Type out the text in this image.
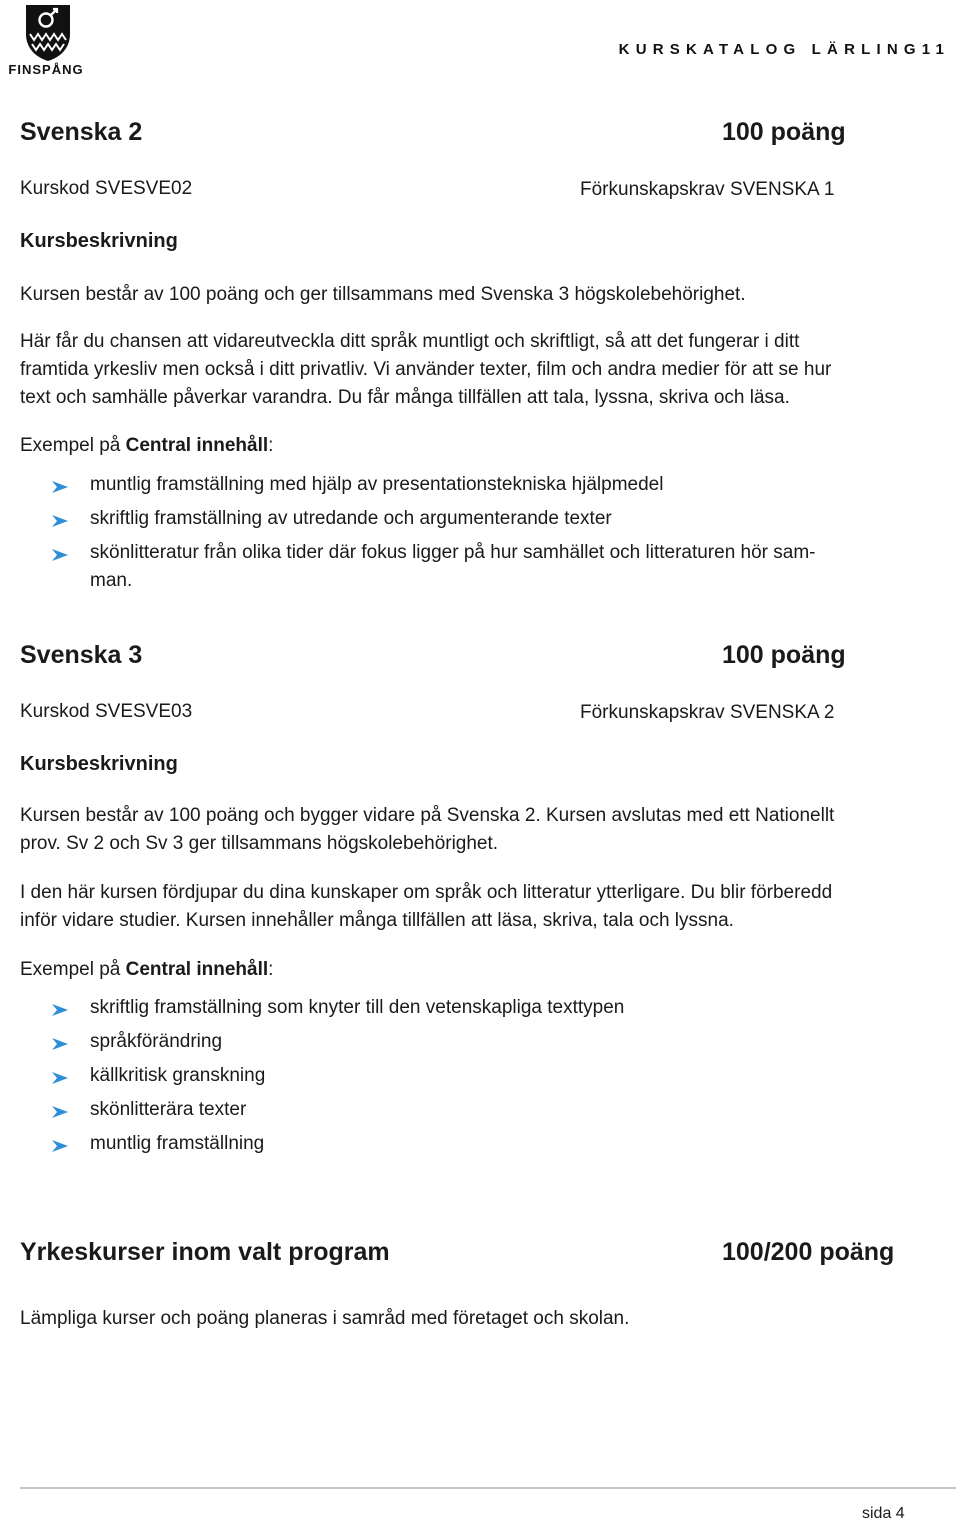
FINSPÅNG
KURSKATALOG LÄRLING11
Svenska 2	100 poäng
Kurskod SVESVE02	Förkunskapskrav SVENSKA 1
Kursbeskrivning
Kursen består av 100 poäng och ger tillsammans med Svenska 3 högskolebehörighet.
Här får du chansen att vidareutveckla ditt språk muntligt och skriftligt, så att det fungerar i ditt
framtida yrkesliv men också i ditt privatliv. Vi använder texter, film och andra medier för att se hur
text och samhälle påverkar varandra. Du får många tillfällen att tala, lyssna, skriva och läsa.
Exempel på Central innehåll:
muntlig framställning med hjälp av presentationstekniska hjälpmedel
skriftlig framställning av utredande och argumenterande texter
skönlitteratur från olika tider där fokus ligger på hur samhället och litteraturen hör sam-
man.
Svenska 3	100 poäng
Kurskod SVESVE03	Förkunskapskrav SVENSKA 2
Kursbeskrivning
Kursen består av 100 poäng och bygger vidare på Svenska 2. Kursen avslutas med ett Nationellt
prov. Sv 2 och Sv 3 ger tillsammans högskolebehörighet.
I den här kursen fördjupar du dina kunskaper om språk och litteratur ytterligare. Du blir förberedd
inför vidare studier. Kursen innehåller många tillfällen att läsa, skriva, tala och lyssna.
Exempel på Central innehåll:
skriftlig framställning som knyter till den vetenskapliga texttypen
språkförändring
källkritisk granskning
skönlitterära texter
muntlig framställning
Yrkeskurser inom valt program	100/200 poäng
Lämpliga kurser och poäng planeras i samråd med företaget och skolan.
sida 4
